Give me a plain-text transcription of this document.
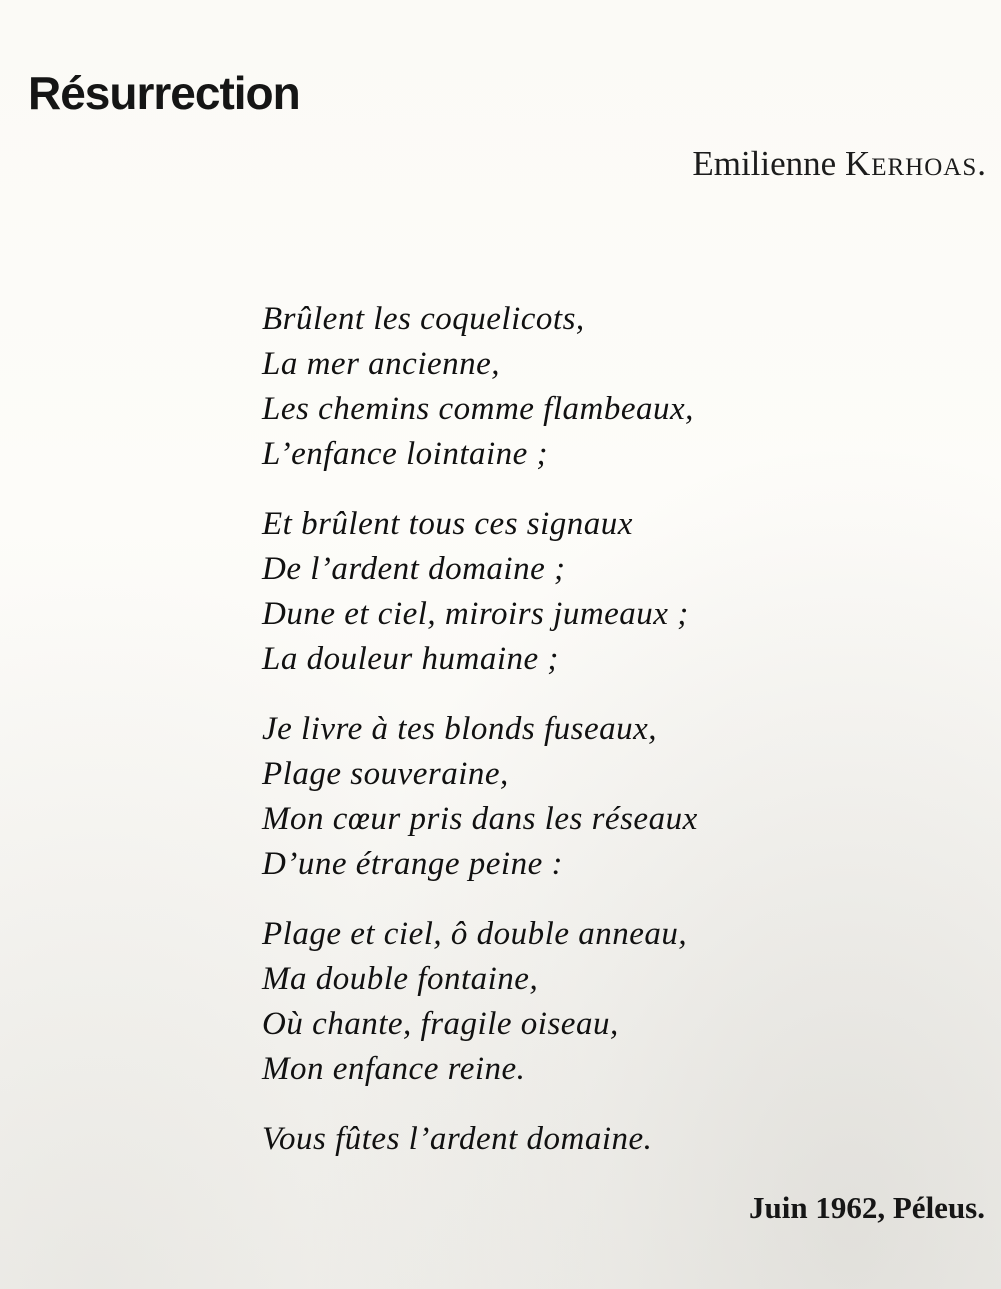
Résurrection
Emilienne Kerhoas.
Brûlent les coquelicots,
La mer ancienne,
Les chemins comme flambeaux,
L’enfance lointaine ;
Et brûlent tous ces signaux
De l’ardent domaine ;
Dune et ciel, miroirs jumeaux ;
La douleur humaine ;
Je livre à tes blonds fuseaux,
Plage souveraine,
Mon cœur pris dans les réseaux
D’une étrange peine :
Plage et ciel, ô double anneau,
Ma double fontaine,
Où chante, fragile oiseau,
Mon enfance reine.
Vous fûtes l’ardent domaine.
Juin 1962, Péleus.
